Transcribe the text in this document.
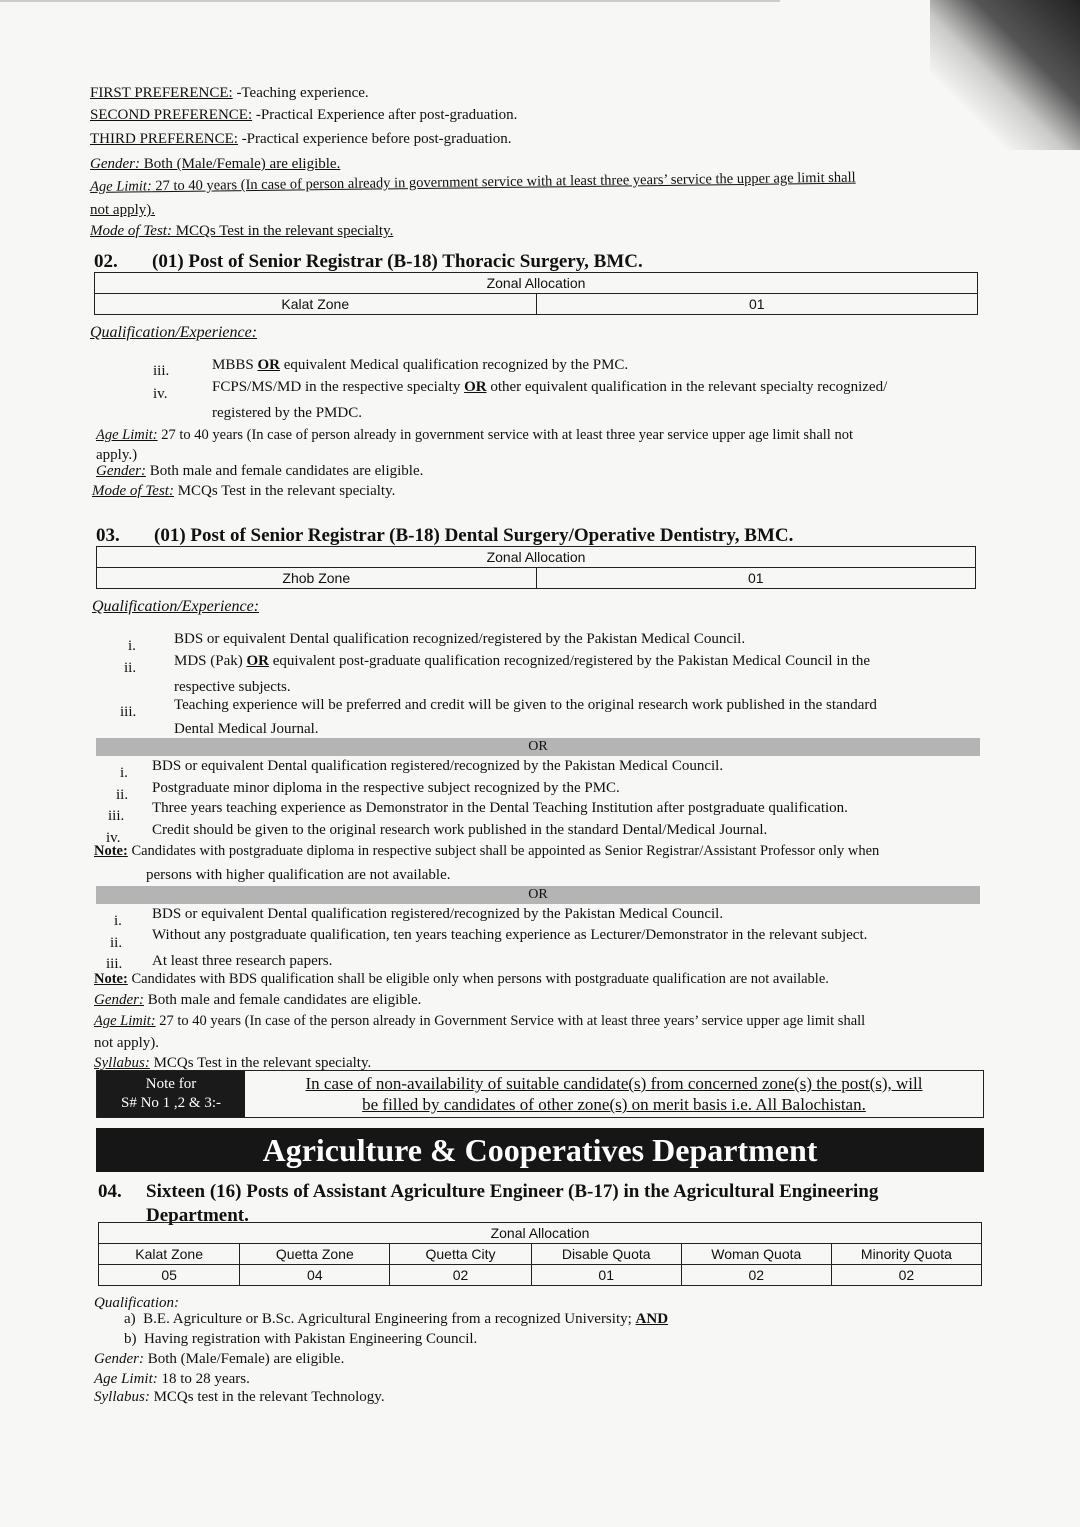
FIRST PREFERENCE: -Teaching experience.
SECOND PREFERENCE: -Practical Experience after post-graduation.
THIRD PREFERENCE: -Practical experience before post-graduation.
Gender: Both (Male/Female) are eligible.
Age Limit: 27 to 40 years (In case of person already in government service with at least three years’ service the upper age limit shall
not apply).
Mode of Test: MCQs Test in the relevant specialty.
02. (01) Post of Senior Registrar (B-18) Thoracic Surgery, BMC.
Zonal Allocation
Kalat Zone	01
Qualification/Experience:
iii.	MBBS OR equivalent Medical qualification recognized by the PMC.
iv.	FCPS/MS/MD in the respective specialty OR other equivalent qualification in the relevant specialty recognized/
registered by the PMDC.
Age Limit: 27 to 40 years (In case of person already in government service with at least three year service upper age limit shall not
apply.)
Gender: Both male and female candidates are eligible.
Mode of Test: MCQs Test in the relevant specialty.
03. (01) Post of Senior Registrar (B-18) Dental Surgery/Operative Dentistry, BMC.
Zonal Allocation
Zhob Zone	01
Qualification/Experience:
i.	BDS or equivalent Dental qualification recognized/registered by the Pakistan Medical Council.
ii.	MDS (Pak) OR equivalent post-graduate qualification recognized/registered by the Pakistan Medical Council in the
respective subjects.
iii.	Teaching experience will be preferred and credit will be given to the original research work published in the standard
Dental Medical Journal.
OR
i. BDS or equivalent Dental qualification registered/recognized by the Pakistan Medical Council.
ii. Postgraduate minor diploma in the respective subject recognized by the PMC.
iii. Three years teaching experience as Demonstrator in the Dental Teaching Institution after postgraduate qualification.
iv. Credit should be given to the original research work published in the standard Dental/Medical Journal.
Note: Candidates with postgraduate diploma in respective subject shall be appointed as Senior Registrar/Assistant Professor only when
persons with higher qualification are not available.
OR
i. BDS or equivalent Dental qualification registered/recognized by the Pakistan Medical Council.
ii. Without any postgraduate qualification, ten years teaching experience as Lecturer/Demonstrator in the relevant subject.
iii. At least three research papers.
Note: Candidates with BDS qualification shall be eligible only when persons with postgraduate qualification are not available.
Gender: Both male and female candidates are eligible.
Age Limit: 27 to 40 years (In case of the person already in Government Service with at least three years’ service upper age limit shall
not apply).
Syllabus: MCQs Test in the relevant specialty.
Note for
S# No 1 ,2 & 3:-
In case of non-availability of suitable candidate(s) from concerned zone(s) the post(s), will
be filled by candidates of other zone(s) on merit basis i.e. All Balochistan.
Agriculture & Cooperatives Department
04. Sixteen (16) Posts of Assistant Agriculture Engineer (B-17) in the Agricultural Engineering
Department.
Zonal Allocation					
Kalat Zone	Quetta Zone	Quetta City	Disable Quota	Woman Quota	Minority Quota
05	04	02	01	02	02
Qualification:
a) B.E. Agriculture or B.Sc. Agricultural Engineering from a recognized University; AND
b) Having registration with Pakistan Engineering Council.
Gender: Both (Male/Female) are eligible.
Age Limit: 18 to 28 years.
Syllabus: MCQs test in the relevant Technology.
